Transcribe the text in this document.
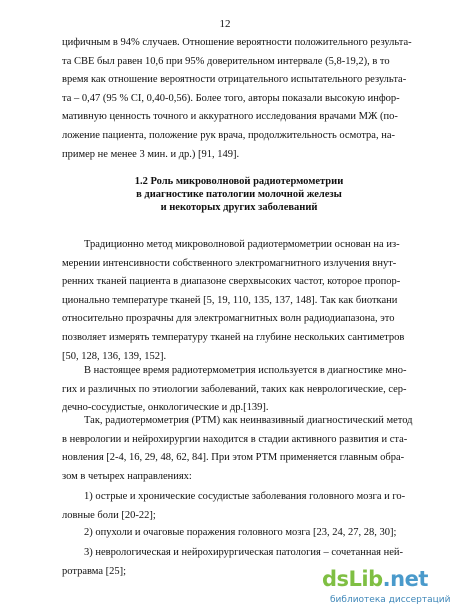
12
цифичным в 94% случаев. Отношение вероятности положительного результа-
та СВЕ был равен 10,6 при 95% доверительном интервале (5,8-19,2), в то
время как отношение вероятности отрицательного испытательного результа-
та – 0,47 (95 % CI, 0,40-0,56). Более того, авторы показали высокую инфор-
мативную ценность точного и аккуратного исследования врачами МЖ (по-
ложение пациента, положение рук врача, продолжительность осмотра, на-
пример не менее 3 мин. и др.) [91, 149].
1.2 Роль микроволновой радиотермометрии
в диагностике патологии молочной железы
и некоторых других заболеваний
Традиционно метод микроволновой радиотермометрии основан на из-
мерении интенсивности собственного электромагнитного излучения внут-
ренних тканей пациента в диапазоне сверхвысоких частот, которое пропор-
ционально температуре тканей [5, 19, 110, 135, 137, 148]. Так как биоткани
относительно прозрачны для электромагнитных волн радиодиапазона, это
позволяет измерять температуру тканей на глубине нескольких сантиметров
[50, 128, 136, 139, 152].
В настоящее время радиотермометрия используется в диагностике мно-
гих и различных по этиологии заболеваний, таких как неврологические, сер-
дечно-сосудистые, онкологические и др.[139].
Так, радиотермометрия (РТМ) как неинвазивный диагностический метод
в неврологии и нейрохирургии находится в стадии активного развития и ста-
новления [2-4, 16, 29, 48, 62, 84]. При этом РТМ применяется главным обра-
зом в четырех направлениях:
1) острые и хронические сосудистые заболевания головного мозга и го-
ловные боли [20-22];
2) опухоли и очаговые поражения головного мозга [23, 24, 27, 28, 30];
3) неврологическая и нейрохирургическая патология – сочетанная ней-
ротравма [25];	dsLib.net
библиотека диссертаций
